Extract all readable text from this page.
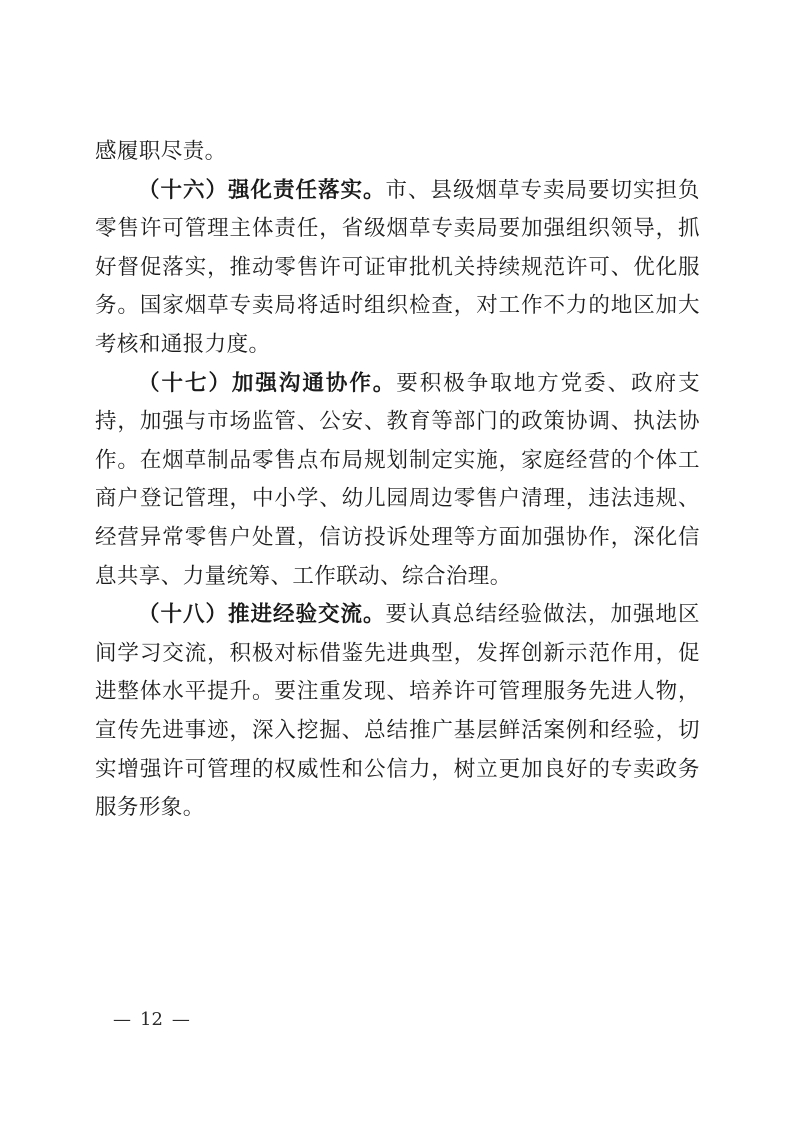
感履职尽责。

（十六）强化责任落实。市、县级烟草专卖局要切实担负零售许可管理主体责任，省级烟草专卖局要加强组织领导，抓好督促落实，推动零售许可证审批机关持续规范许可、优化服务。国家烟草专卖局将适时组织检查，对工作不力的地区加大考核和通报力度。

（十七）加强沟通协作。要积极争取地方党委、政府支持，加强与市场监管、公安、教育等部门的政策协调、执法协作。在烟草制品零售点布局规划制定实施，家庭经营的个体工商户登记管理，中小学、幼儿园周边零售户清理，违法违规、经营异常零售户处置，信访投诉处理等方面加强协作，深化信息共享、力量统筹、工作联动、综合治理。

（十八）推进经验交流。要认真总结经验做法，加强地区间学习交流，积极对标借鉴先进典型，发挥创新示范作用，促进整体水平提升。要注重发现、培养许可管理服务先进人物，宣传先进事迹，深入挖掘、总结推广基层鲜活案例和经验，切实增强许可管理的权威性和公信力，树立更加良好的专卖政务服务形象。

— 12 —
